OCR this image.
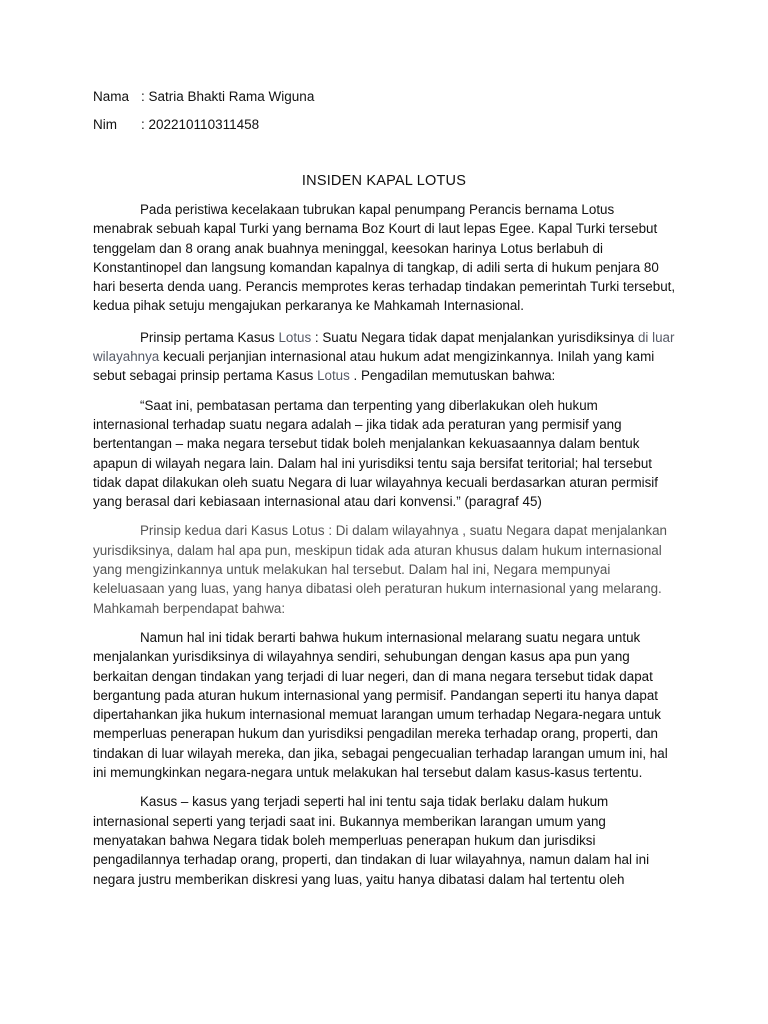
Nama : Satria Bhakti Rama Wiguna
Nim : 202210110311458
INSIDEN KAPAL LOTUS

Pada peristiwa kecelakaan tubrukan kapal penumpang Perancis bernama Lotus menabrak sebuah kapal Turki yang bernama Boz Kourt di laut lepas Egee. Kapal Turki tersebut tenggelam dan 8 orang anak buahnya meninggal, keesokan harinya Lotus berlabuh di Konstantinopel dan langsung komandan kapalnya di tangkap, di adili serta di hukum penjara 80 hari beserta denda uang. Perancis memprotes keras terhadap tindakan pemerintah Turki tersebut, kedua pihak setuju mengajukan perkaranya ke Mahkamah Internasional.

Prinsip pertama Kasus Lotus : Suatu Negara tidak dapat menjalankan yurisdiksinya di luar wilayahnya kecuali perjanjian internasional atau hukum adat mengizinkannya. Inilah yang kami sebut sebagai prinsip pertama Kasus Lotus . Pengadilan memutuskan bahwa:

“Saat ini, pembatasan pertama dan terpenting yang diberlakukan oleh hukum internasional terhadap suatu negara adalah – jika tidak ada peraturan yang permisif yang bertentangan – maka negara tersebut tidak boleh menjalankan kekuasaannya dalam bentuk apapun di wilayah negara lain. Dalam hal ini yurisdiksi tentu saja bersifat teritorial; hal tersebut tidak dapat dilakukan oleh suatu Negara di luar wilayahnya kecuali berdasarkan aturan permisif yang berasal dari kebiasaan internasional atau dari konvensi.” (paragraf 45)

Prinsip kedua dari Kasus Lotus : Di dalam wilayahnya , suatu Negara dapat menjalankan yurisdiksinya, dalam hal apa pun, meskipun tidak ada aturan khusus dalam hukum internasional yang mengizinkannya untuk melakukan hal tersebut. Dalam hal ini, Negara mempunyai keleluasaan yang luas, yang hanya dibatasi oleh peraturan hukum internasional yang melarang. Mahkamah berpendapat bahwa:

Namun hal ini tidak berarti bahwa hukum internasional melarang suatu negara untuk menjalankan yurisdiksinya di wilayahnya sendiri, sehubungan dengan kasus apa pun yang berkaitan dengan tindakan yang terjadi di luar negeri, dan di mana negara tersebut tidak dapat bergantung pada aturan hukum internasional yang permisif. Pandangan seperti itu hanya dapat dipertahankan jika hukum internasional memuat larangan umum terhadap Negara-negara untuk memperluas penerapan hukum dan yurisdiksi pengadilan mereka terhadap orang, properti, dan tindakan di luar wilayah mereka, dan jika, sebagai pengecualian terhadap larangan umum ini, hal ini memungkinkan negara-negara untuk melakukan hal tersebut dalam kasus-kasus tertentu.

Kasus – kasus yang terjadi seperti hal ini tentu saja tidak berlaku dalam hukum internasional seperti yang terjadi saat ini. Bukannya memberikan larangan umum yang menyatakan bahwa Negara tidak boleh memperluas penerapan hukum dan jurisdiksi pengadilannya terhadap orang, properti, dan tindakan di luar wilayahnya, namun dalam hal ini negara justru memberikan diskresi yang luas, yaitu hanya dibatasi dalam hal tertentu oleh
